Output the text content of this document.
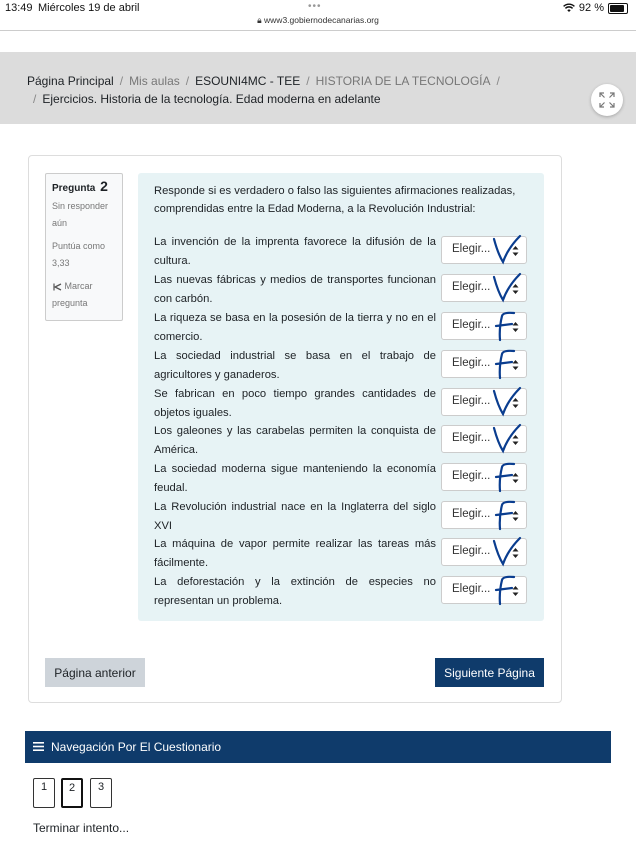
13:49 Miércoles 19 de abril	•••
🔒︎ www3.gobiernodecanarias.org
92 %
Página Principal / Mis aulas / ESOUNI4MC - TEE / HISTORIA DE LA TECNOLOGÍA /
/ Ejercicios. Historia de la tecnología. Edad moderna en adelante
Pregunta 2
Sin responder aún
Puntúa como 3,33
Marcar pregunta
Responde si es verdadero o falso las siguientes afirmaciones realizadas, comprendidas entre la Edad Moderna, a la Revolución Industrial:
La invención de la imprenta favorece la difusión de la cultura.
Elegir...
Las nuevas fábricas y medios de transportes funcionan con carbón.
Elegir...
La riqueza se basa en la posesión de la tierra y no en el comercio.
Elegir...
La sociedad industrial se basa en el trabajo de agricultores y ganaderos.
Elegir...
Se fabrican en poco tiempo grandes cantidades de objetos iguales.
Elegir...
Los galeones y las carabelas permiten la conquista de América.
Elegir...
La sociedad moderna sigue manteniendo la economía feudal.
Elegir...
La Revolución industrial nace en la Inglaterra del siglo XVI
Elegir...
La máquina de vapor permite realizar las tareas más fácilmente.
Elegir...
La deforestación y la extinción de especies no representan un problema.
Elegir...
Página anterior	Siguiente Página
Navegación Por El Cuestionario
1	2	3
Terminar intento...
